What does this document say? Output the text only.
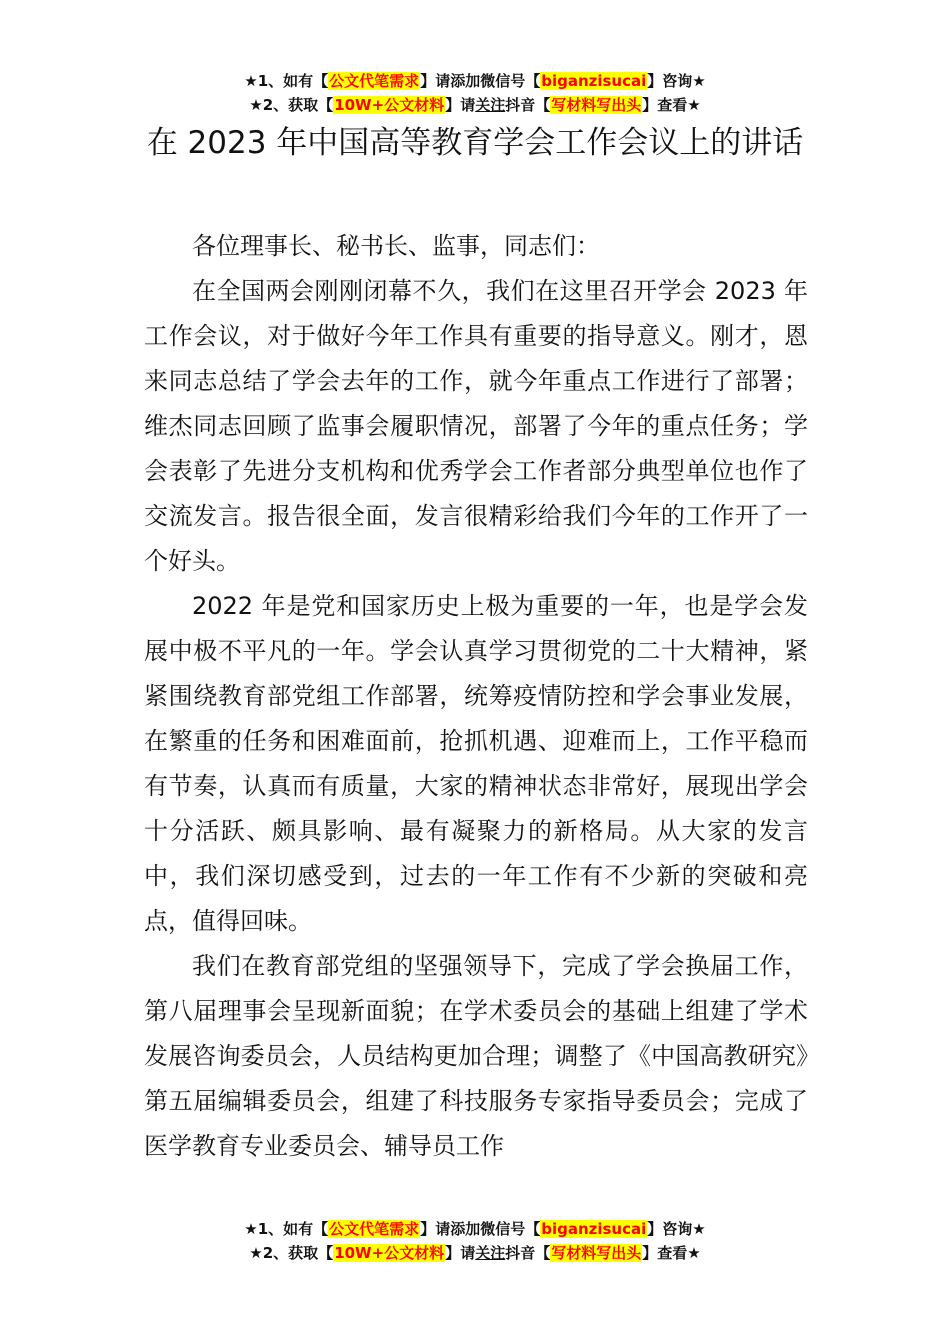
★1、如有【公文代笔需求】请添加微信号【biganzisucai】咨询★
★2、获取【10W+公文材料】请关注抖音【写材料写出头】查看★
在 2023 年中国高等教育学会工作会议上的讲话

各位理事长、秘书长、监事，同志们：

在全国两会刚刚闭幕不久，我们在这里召开学会 2023 年工作会议，对于做好今年工作具有重要的指导意义。刚才，恩来同志总结了学会去年的工作，就今年重点工作进行了部署；维杰同志回顾了监事会履职情况，部署了今年的重点任务；学会表彰了先进分支机构和优秀学会工作者部分典型单位也作了交流发言。报告很全面，发言很精彩给我们今年的工作开了一个好头。

2022 年是党和国家历史上极为重要的一年，也是学会发展中极不平凡的一年。学会认真学习贯彻党的二十大精神，紧紧围绕教育部党组工作部署，统筹疫情防控和学会事业发展，在繁重的任务和困难面前，抢抓机遇、迎难而上，工作平稳而有节奏，认真而有质量，大家的精神状态非常好，展现出学会十分活跃、颇具影响、最有凝聚力的新格局。从大家的发言中，我们深切感受到，过去的一年工作有不少新的突破和亮点，值得回味。

我们在教育部党组的坚强领导下，完成了学会换届工作，第八届理事会呈现新面貌；在学术委员会的基础上组建了学术发展咨询委员会，人员结构更加合理；调整了《中国高教研究》第五届编辑委员会，组建了科技服务专家指导委员会；完成了医学教育专业委员会、辅导员工作

★1、如有【公文代笔需求】请添加微信号【biganzisucai】咨询★
★2、获取【10W+公文材料】请关注抖音【写材料写出头】查看★
